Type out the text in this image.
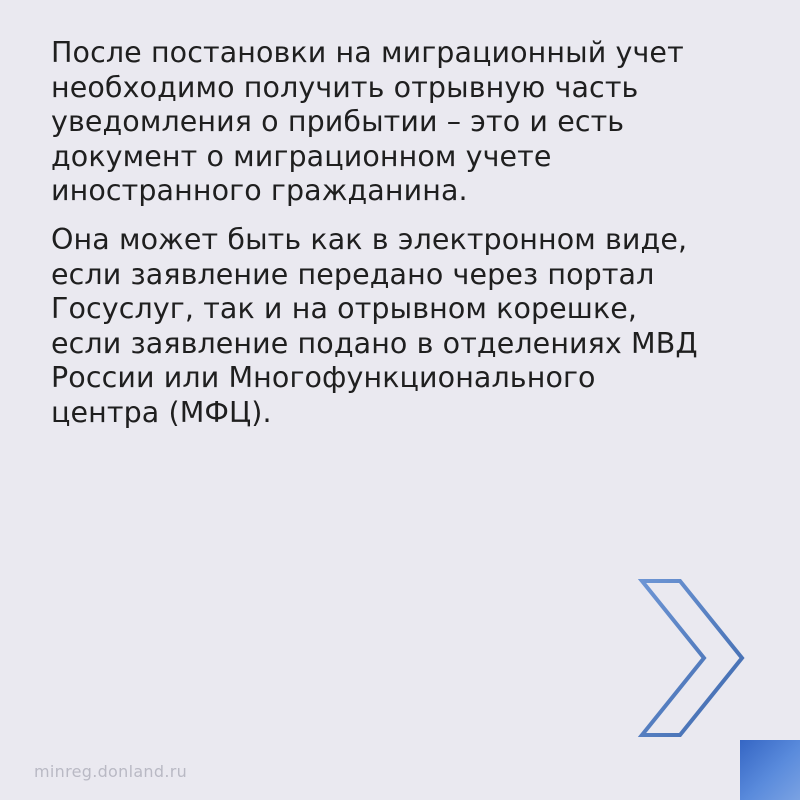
После постановки на миграционный учет
необходимо получить отрывную часть
уведомления о прибытии – это и есть
документ о миграционном учете
иностранного гражданина.

Она может быть как в электронном виде,
если заявление передано через портал
Госуслуг, так и на отрывном корешке,
если заявление подано в отделениях МВД
России или Многофункционального
центра (МФЦ).

minreg.donland.ru
